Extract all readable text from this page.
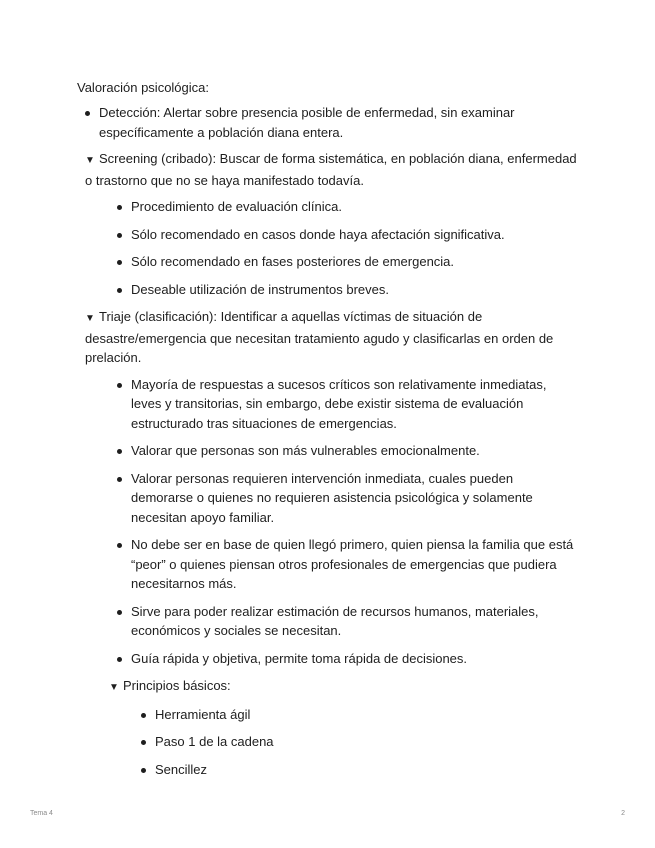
Valoración psicológica:
Detección: Alertar sobre presencia posible de enfermedad, sin examinar específicamente a población diana entera.
▼ Screening (cribado): Buscar de forma sistemática, en población diana, enfermedad o trastorno que no se haya manifestado todavía.
Procedimiento de evaluación clínica.
Sólo recomendado en casos donde haya afectación significativa.
Sólo recomendado en fases posteriores de emergencia.
Deseable utilización de instrumentos breves.
▼ Triaje (clasificación): Identificar a aquellas víctimas de situación de desastre/emergencia que necesitan tratamiento agudo y clasificarlas en orden de prelación.
Mayoría de respuestas a sucesos críticos son relativamente inmediatas, leves y transitorias, sin embargo, debe existir sistema de evaluación estructurado tras situaciones de emergencias.
Valorar que personas son más vulnerables emocionalmente.
Valorar personas requieren intervención inmediata, cuales pueden demorarse o quienes no requieren asistencia psicológica y solamente necesitan apoyo familiar.
No debe ser en base de quien llegó primero, quien piensa la familia que está “peor” o quienes piensan otros profesionales de emergencias que pudiera necesitarnos más.
Sirve para poder realizar estimación de recursos humanos, materiales, económicos y sociales se necesitan.
Guía rápida y objetiva, permite toma rápida de decisiones.
▼ Principios básicos:
Herramienta ágil
Paso 1 de la cadena
Sencillez
Tema 4	2
